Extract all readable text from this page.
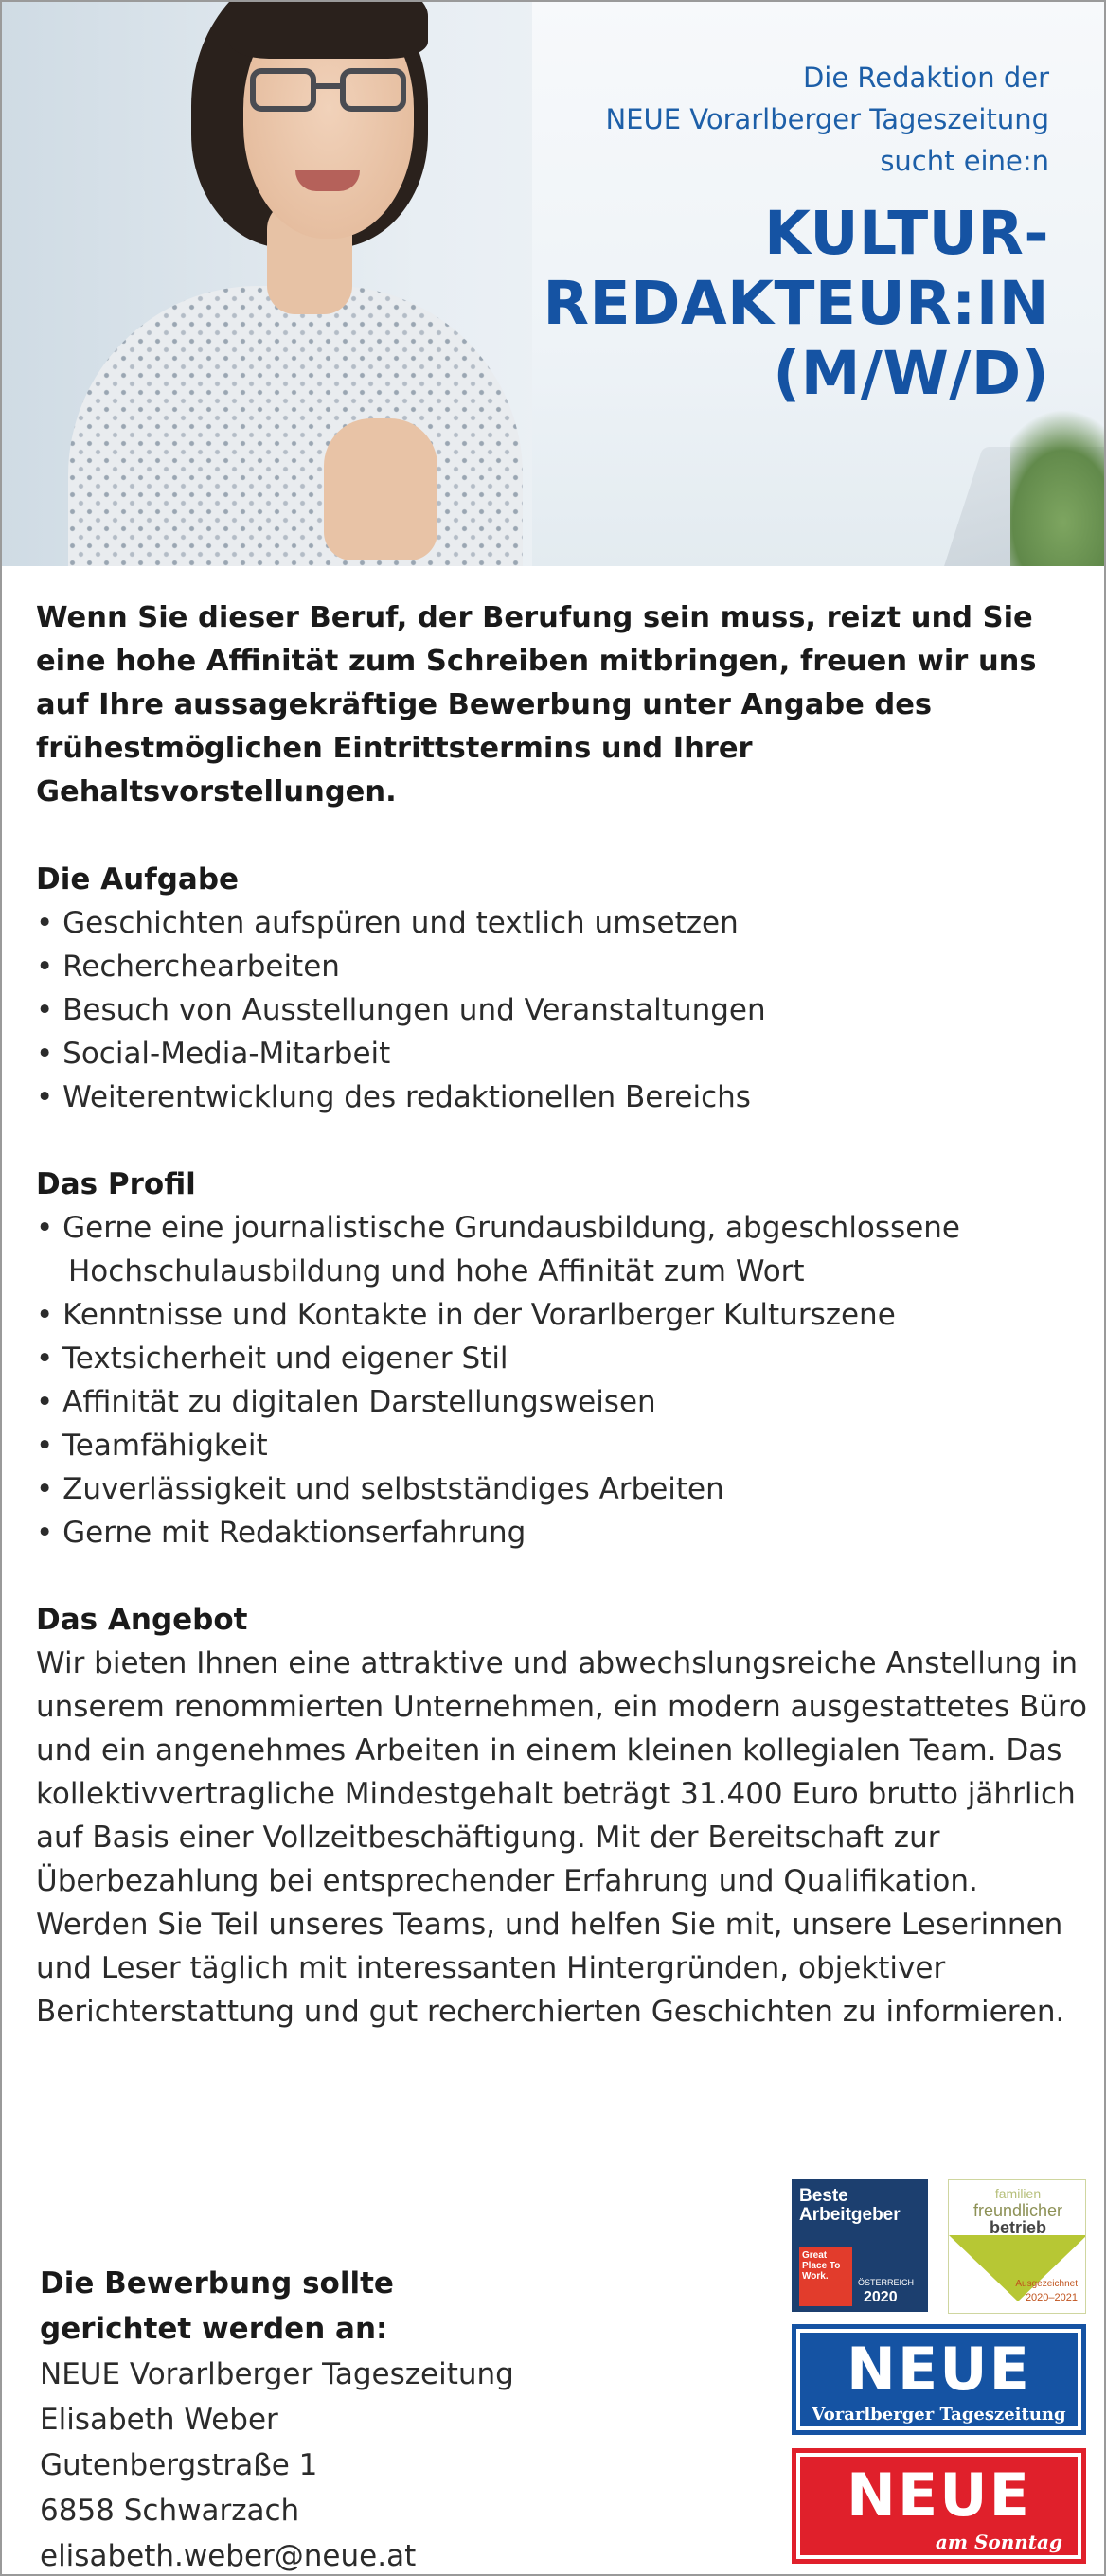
Die Redaktion der
NEUE Vorarlberger Tageszeitung
sucht eine:n
KULTUR-
REDAKTEUR:IN
(M/W/D)

Wenn Sie dieser Beruf, der Berufung sein muss, reizt und Sie eine hohe Affinität zum Schreiben mitbringen, freuen wir uns auf Ihre aussagekräftige Bewerbung unter Angabe des frühestmöglichen Eintrittstermins und Ihrer Gehaltsvorstellungen.

Die Aufgabe
• Geschichten aufspüren und textlich umsetzen
• Recherchearbeiten
• Besuch von Ausstellungen und Veranstaltungen
• Social-Media-Mitarbeit
• Weiterentwicklung des redaktionellen Bereichs
Das Profil
• Gerne eine journalistische Grundausbildung, abgeschlossene
Hochschulausbildung und hohe Affinität zum Wort
• Kenntnisse und Kontakte in der Vorarlberger Kulturszene
• Textsicherheit und eigener Stil
• Affinität zu digitalen Darstellungsweisen
• Teamfähigkeit
• Zuverlässigkeit und selbstständiges Arbeiten
• Gerne mit Redaktionserfahrung
Das Angebot

Wir bieten Ihnen eine attraktive und abwechslungsreiche Anstellung in unserem renommierten Unternehmen, ein modern ausgestattetes Büro und ein angenehmes Arbeiten in einem kleinen kollegialen Team. Das kollektivvertragliche Mindestgehalt beträgt 31.400 Euro brutto jährlich auf Basis einer Vollzeitbeschäftigung. Mit der Bereitschaft zur Überbezahlung bei entsprechender Erfahrung und Qualifikation.

Werden Sie Teil unseres Teams, und helfen Sie mit, unsere Leserinnen und Leser täglich mit interessanten Hintergründen, objektiver Berichterstattung und gut recherchierten Geschichten zu informieren.

Die Bewerbung sollte
gerichtet werden an:
NEUE Vorarlberger Tageszeitung
Elisabeth Weber
Gutenbergstraße 1
6858 Schwarzach
elisabeth.weber@neue.at
Beste
Arbeitgeber
Great Place To Work.
ÖSTERREICH
2020
familien
freundlicher
betrieb
Ausgezeichnet
2020–2021
NEUE
Vorarlberger Tageszeitung
NEUE
am Sonntag
